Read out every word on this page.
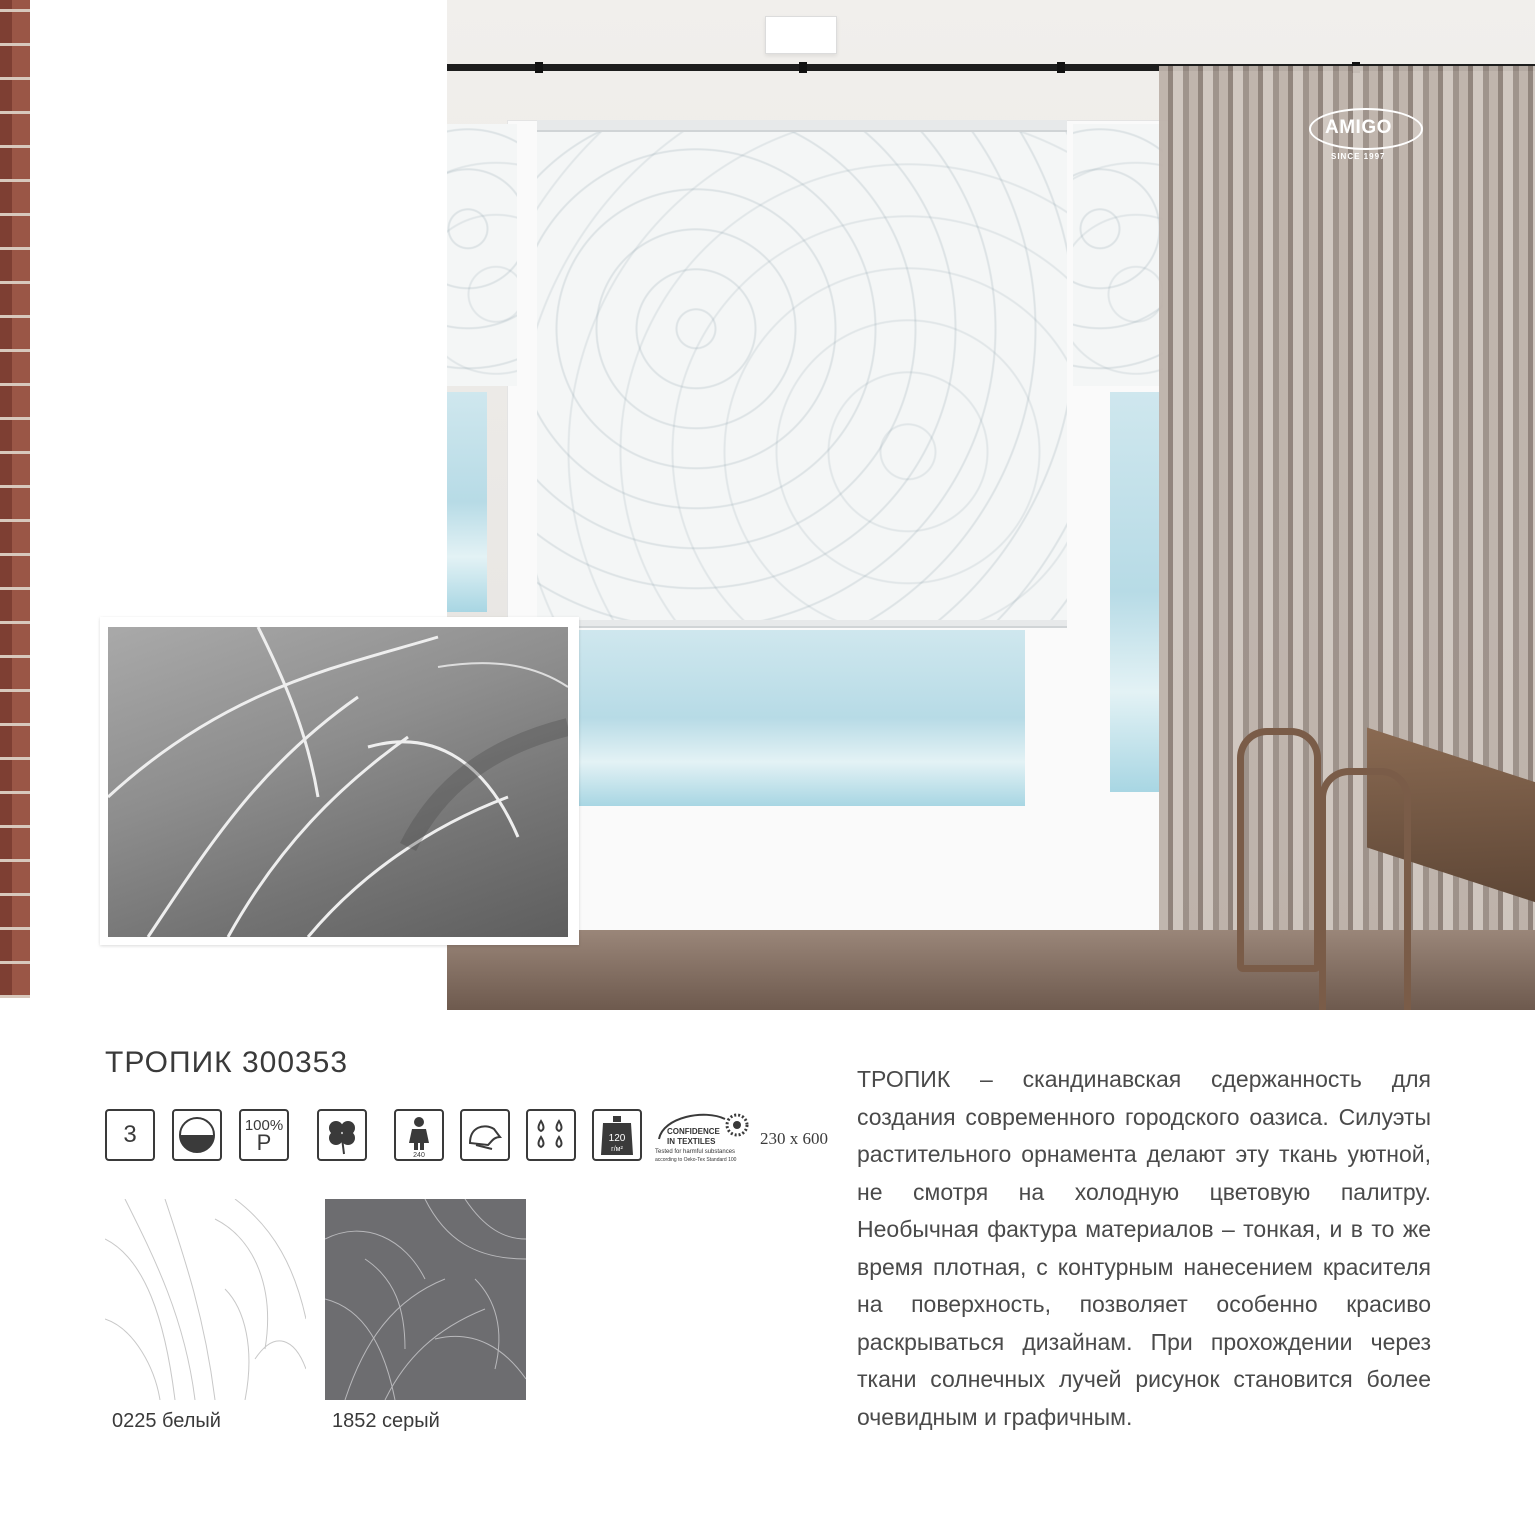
AMIGO
SINCE 1997
ТРОПИК 300353
3	100%
P
240
120
г/м²
CONFIDENCE
IN TEXTILES
Tested for harmful substances
according to Oeko-Tex Standard 100
230 x 600
0225 белый	1852 серый
ТРОПИК – скандинавская сдержанность для создания современного городского оазиса. Силуэты растительного орнамента делают эту ткань уютной, не смотря на холодную цветовую палитру. Необычная фактура материалов – тонкая, и в то же время плотная, с контурным нанесением красителя на поверхность, позволяет особенно красиво раскрываться дизайнам. При прохождении через ткани солнечных лучей рисунок становится более очевидным и графичным.
